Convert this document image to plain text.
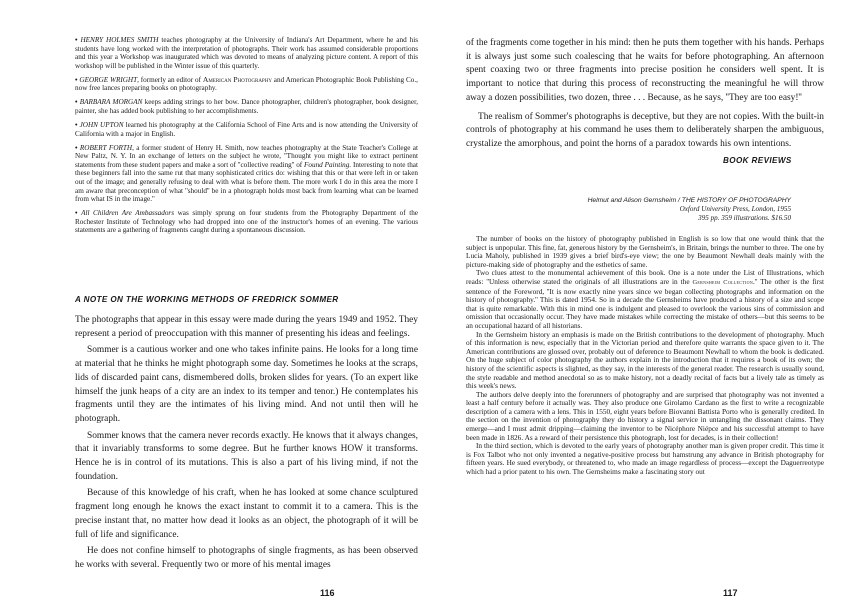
• HENRY HOLMES SMITH teaches photography at the University of Indiana's Art Department, where he and his students have long worked with the interpretation of photographs. Their work has assumed considerable proportions and this year a Workshop was inaugurated which was devoted to means of analyzing picture content. A report of this workshop will be published in the Winter issue of this quarterly.

• GEORGE WRIGHT, formerly an editor of American Photography and American Photographic Book Publishing Co., now free lances preparing books on photography.

• BARBARA MORGAN keeps adding strings to her bow. Dance photographer, children's photographer, book designer, painter, she has added book publishing to her accomplishments.

• JOHN UPTON learned his photography at the California School of Fine Arts and is now attending the University of California with a major in English.

• ROBERT FORTH, a former student of Henry H. Smith, now teaches photography at the State Teacher's College at New Paltz, N. Y. In an exchange of letters on the subject he wrote, ''Thought you might like to extract pertinent statements from these student papers and make a sort of ''collective reading'' of Found Painting. Interesting to note that these beginners fall into the same rut that many sophisticated critics do: wishing that this or that were left in or taken out of the image; and generally refusing to deal with what is before them. The more work I do in this area the more I am aware that preconception of what ''should'' be in a photograph holds most back from learning what can be learned from what IS in the image.''

• All Children Are Ambassadors was simply sprung on four students from the Photography Department of the Rochester Institute of Technology who had dropped into one of the instructor's homes of an evening. The various statements are a gathering of fragments caught during a spontaneous discussion.

A NOTE ON THE WORKING METHODS OF FREDRICK SOMMER

The photographs that appear in this essay were made during the years 1949 and 1952. They represent a period of preoccupation with this manner of presenting his ideas and feelings.

Sommer is a cautious worker and one who takes infinite pains. He looks for a long time at material that he thinks he might photograph some day. Sometimes he looks at the scraps, lids of discarded paint cans, dismembered dolls, broken slides for years. (To an expert like himself the junk heaps of a city are an index to its temper and tenor.) He contemplates his fragments until they are the intimates of his living mind. And not until then will he photograph.

Sommer knows that the camera never records exactly. He knows that it always changes, that it invariably transforms to some degree. But he further knows HOW it transforms. Hence he is in control of its mutations. This is also a part of his living mind, if not the foundation.

Because of this knowledge of his craft, when he has looked at some chance sculptured fragment long enough he knows the exact instant to commit it to a camera. This is the precise instant that, no matter how dead it looks as an object, the photograph of it will be full of life and significance.

He does not confine himself to photographs of single fragments, as has been observed he works with several. Frequently two or more of his mental images

116

of the fragments come together in his mind: then he puts them together with his hands. Perhaps it is always just some such coalescing that he waits for before photographing. An afternoon spent coaxing two or three fragments into precise position he considers well spent. It is important to notice that during this process of reconstructing the meaningful he will throw away a dozen possibilities, two dozen, three . . . Because, as he says, ''They are too easy!''

The realism of Sommer's photographs is deceptive, but they are not copies. With the built-in controls of photography at his command he uses them to deliberately sharpen the ambiguous, crystalize the amorphous, and point the horns of a paradox towards his own intentions.

BOOK REVIEWS
Helmut and Alison Gernsheim / THE HISTORY OF PHOTOGRAPHY
Oxford University Press, London, 1955
395 pp. 359 illustrations. $16.50

The number of books on the history of photography published in English is so low that one would think that the subject is unpopular. This fine, fat, generous history by the Gernsheim's, in Britain, brings the number to three. The one by Lucia Maholy, published in 1939 gives a brief bird's-eye view; the one by Beaumont Newhall deals mainly with the picture-making side of photography and the esthetics of same.

Two clues attest to the monumental achievement of this book. One is a note under the List of Illustrations, which reads: ''Unless otherwise stated the originals of all illustrations are in the Gernsheim Collection.'' The other is the first sentence of the Foreword, ''It is now exactly nine years since we began collecting photographs and information on the history of photography.'' This is dated 1954. So in a decade the Gernsheims have produced a history of a size and scope that is quite remarkable. With this in mind one is indulgent and pleased to overlook the various sins of commission and omission that occasionally occur. They have made mistakes while correcting the mistake of others—but this seems to be an occupational hazard of all historians.

In the Gernsheim history an emphasis is made on the British contributions to the development of photography. Much of this information is new, especially that in the Victorian period and therefore quite warrants the space given to it. The American contributions are glossed over, probably out of deference to Beaumont Newhall to whom the book is dedicated. On the huge subject of color photography the authors explain in the introduction that it requires a book of its own; the history of the scientific aspects is slighted, as they say, in the interests of the general reader. The research is usually sound, the style readable and method anecdotal so as to make history, not a deadly recital of facts but a lively tale as timely as this week's news.

The authors delve deeply into the forerunners of photography and are surprised that photography was not invented a least a half century before it actually was. They also produce one Girolamo Cardano as the first to write a recognizable description of a camera with a lens. This in 1550, eight years before Biovanni Battista Porto who is generally credited. In the section on the invention of photography they do history a signal service in untangling the dissonant claims. They emerge—and I must admit dripping—claiming the inventor to be Nicéphore Niépce and his successful attempt to have been made in 1826. As a reward of their persistence this photograph, lost for decades, is in their collection!

In the third section, which is devoted to the early years of photography another man is given proper credit. This time it is Fox Talbot who not only invented a negative-positive process but hamstrung any advance in British photography for fifteen years. He sued everybody, or threatened to, who made an image regardless of process—except the Daguerreotype which had a prior patent to his own. The Gernsheims make a fascinating story out

117
